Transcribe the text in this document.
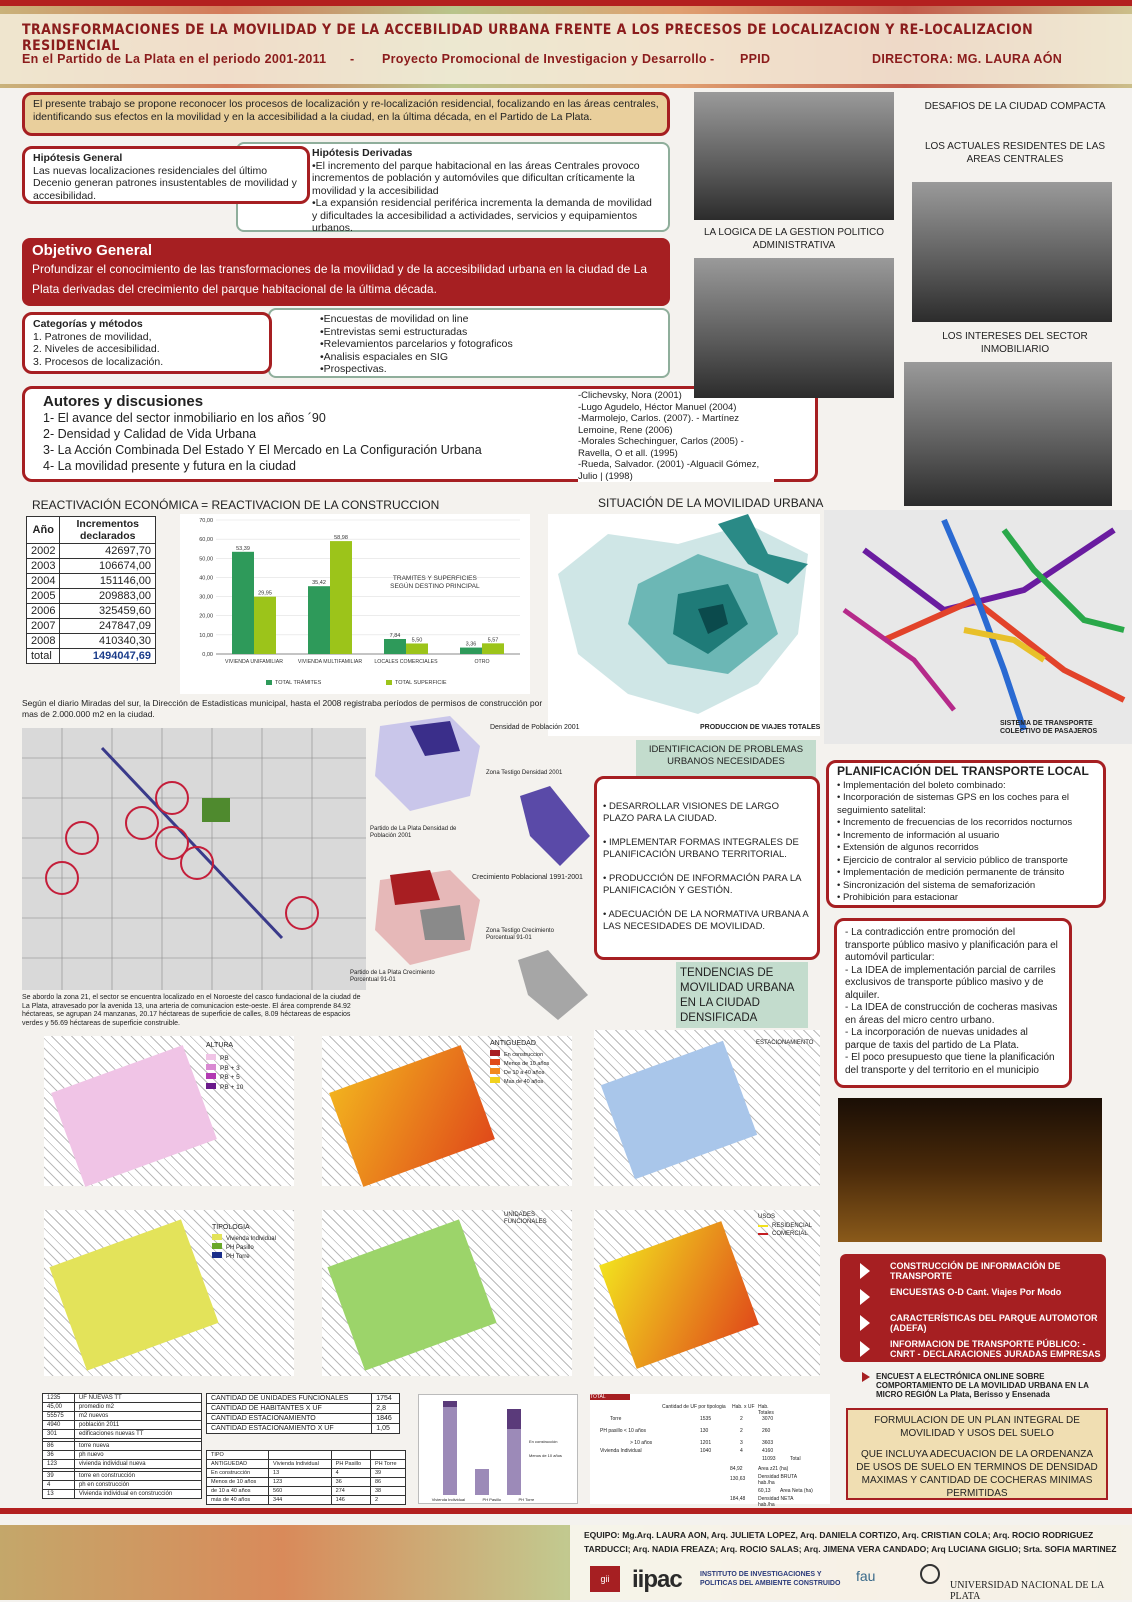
TRANSFORMACIONES DE LA MOVILIDAD Y DE LA ACCEBILIDAD URBANA FRENTE A LOS PRECESOS DE LOCALIZACION Y RE-LOCALIZACION RESIDENCIAL
En el Partido de La Plata en el periodo 2001-2011 - Proyecto Promocional de Investigacion y Desarrollo - PPID	DIRECTORA: MG. LAURA AÓN
El presente trabajo se propone reconocer los procesos de localización y re-localización residencial, focalizando en las áreas centrales, identificando sus efectos en la movilidad y en la accesibilidad a la ciudad, en la última década, en el Partido de La Plata.
Hipótesis Derivadas
•El incremento del parque habitacional en las áreas Centrales provoco incrementos de población y automóviles que dificultan críticamente la movilidad y la accesibilidad
•La expansión residencial periférica incrementa la demanda de movilidad y dificultades la accesibilidad a actividades, servicios y equipamientos urbanos.
Hipótesis General
Las nuevas localizaciones residenciales del último Decenio generan patrones insustentables de movilidad y accesibilidad.
Objetivo General
Profundizar el conocimiento de las transformaciones de la movilidad y de la accesibilidad urbana en la ciudad de La Plata derivadas del crecimiento del parque habitacional de la última década.
•Encuestas de movilidad on line
•Entrevistas semi estructuradas
•Relevamientos parcelarios y fotograficos
•Analisis espaciales en SIG
•Prospectivas.
Categorías y métodos
1. Patrones de movilidad,
2. Niveles de accesibilidad.
3. Procesos de localización.
Autores y discusiones
1- El avance del sector inmobiliario en los años ´90
2- Densidad y Calidad de Vida Urbana
3- La Acción Combinada Del Estado Y El Mercado en La Configuración Urbana
4- La movilidad presente y futura en la ciudad
-Clichevsky, Nora (2001)
-Lugo Agudelo, Héctor Manuel (2004)
-Marmolejo, Carlos. (2007). - Martínez Lemoine, Rene (2006)
-Morales Schechinguer, Carlos (2005) - Ravella, O et all. (1995)
-Rueda, Salvador. (2001) -Alguacil Gómez, Julio | (1998)
LA LOGICA DE LA GESTION POLITICO ADMINISTRATIVA
DESAFIOS DE LA CIUDAD COMPACTA
LOS ACTUALES RESIDENTES DE LAS AREAS CENTRALES
LOS INTERESES DEL SECTOR INMOBILIARIO
REACTIVACIÓN ECONÓMICA = REACTIVACION DE LA CONSTRUCCION
Año	Incrementos declarados
2002	42697,70
2003	106674,00
2004	151146,00
2005	209883,00
2006	325459,60
2007	247847,09
2008	410340,30
total	1494047,69	0,00
10,00
20,00
30,00
40,00
50,00
60,00
70,00
53,39
29,95
VIVIENDA UNIFAMILIAR
35,42
58,98
VIVIENDA MULTIFAMILIAR
7,84
5,50
LOCALES COMERCIALES
3,36
5,57
OTRO
TRAMITES Y SUPERFICIES
SEGÚN DESTINO PRINCIPAL
TOTAL TRÁMITES	TOTAL SUPERFICIE
Según el diario Miradas del sur, la Dirección de Estadisticas municipal, hasta el 2008 registraba períodos de permisos de construcción por mas de 2.000.000 m2 en la ciudad.
SITUACIÓN DE LA MOVILIDAD URBANA
PRODUCCION DE VIAJES TOTALES
SISTEMA DE TRANSPORTE COLECTIVO DE PASAJEROS
Se abordo la zona 21, el sector se encuentra localizado en el Noroeste del casco fundacional de la ciudad de La Plata, atravesado por la avenida 13, una arteria de comunicacion este-oeste. El área comprende 84.92 héctareas, se agrupan 24 manzanas, 20.17 héctareas de superficie de calles, 8.09 héctareas de espacios verdes y 56.69 héctareas de superficie construible.
Densidad de Población 2001
Partido de La Plata Densidad de Población 2001
Zona Testigo Densidad 2001
Crecimiento Poblacional 1991-2001
Partido de La Plata Crecimiento Porcentual 91-01
Zona Testigo Crecimiento Porcentual 91-01
IDENTIFICACION DE PROBLEMAS URBANOS NECESIDADES
• DESARROLLAR VISIONES DE LARGO PLAZO PARA LA CIUDAD.
• IMPLEMENTAR FORMAS INTEGRALES DE PLANIFICACIÓN URBANO TERRITORIAL.
• PRODUCCIÓN DE INFORMACIÓN PARA LA PLANIFICACIÓN Y GESTIÓN.
• ADECUACIÓN DE LA NORMATIVA URBANA A LAS NECESIDADES DE MOVILIDAD.
PLANIFICACIÓN DEL TRANSPORTE LOCAL
• Implementación del boleto combinado:
• Incorporación de sistemas GPS en los coches para el seguimiento satelital:
• Incremento de frecuencias de los recorridos nocturnos
• Incremento de información al usuario
• Extensión de algunos recorridos
• Ejercicio de contralor al servicio público de transporte
• Implementación de medición permanente de tránsito
• Sincronización del sistema de semaforización
• Prohibición para estacionar
TENDENCIAS DE MOVILIDAD URBANA EN LA CIUDAD DENSIFICADA
- La contradicción entre promoción del transporte público masivo y planificación para el automóvil particular:
- La IDEA de implementación parcial de carriles exclusivos de transporte público masivo y de alquiler.
- La IDEA de construcción de cocheras masivas en áreas del micro centro urbano.
- La incorporación de nuevas unidades al parque de taxis del partido de La Plata.
- El poco presupuesto que tiene la planificación del transporte y del territorio en el municipio
ALTURA
PB
PB + 3
PB + 5
PB + 10
ANTIGUEDAD
En construccion
Menos de 10 años
De 10 a 40 años
Mas de 40 años
ESTACIONAMIENTO
TIPOLOGIA
Vivienda Individual
PH Pasillo
PH Torre
UNIDADES FUNCIONALES
USOS
RESIDENCIAL
COMERCIAL
CONSTRUCCIÓN DE INFORMACIÓN DE TRANSPORTE
ENCUESTAS O-D Cant. Viajes Por Modo
CARACTERÍSTICAS DEL PARQUE AUTOMOTOR (ADEFA)
INFORMACION DE TRANSPORTE PÚBLICO: - CNRT - DECLARACIONES JURADAS EMPRESAS
ENCUEST A ELECTRÓNICA ONLINE SOBRE COMPORTAMIENTO DE LA MOVILIDAD URBANA EN LA MICRO REGIÓN La Plata, Berisso y Ensenada
FORMULACION DE UN PLAN INTEGRAL DE MOVILIDAD Y USOS DEL SUELO
QUE INCLUYA ADECUACION DE LA ORDENANZA DE USOS DE SUELO EN TERMINOS DE DENSIDAD MAXIMAS Y CANTIDAD DE COCHERAS MINIMAS PERMITIDAS
1235	UF NUEVAS TT
45,00	promedio m2
55575	m2 nuevos
4940	población 2011
301	edificaciones nuevas TT

86	torre nueva
36	ph nuevo
123	vivienda individual nueva

39	torre en construcción
4	ph en construcción
13	Vivienda individual en construcción
CANTIDAD DE UNIDADES FUNCIONALES	1754
CANTIDAD DE HABITANTES X UF	2,8
CANTIDAD ESTACIONAMIENTO	1846
CANTIDAD ESTACIONAMIENTO X UF	1,05
TIPO			
ANTIGUEDAD	Vivienda Individual	PH Pasillo	PH Torre
En construcción	13	4	39
Menos de 10 años	123	36	86
de 10 a 40 años	560	274	38
más de 40 años	344	146	2	Vivienda Individual	PH Pasillo	PH Torre
En construcción
Menos de 10 años
TOTAL
Cantidad de UF por tipologia	Hab. x UF Hab. Totales
Torre	1535	2	3070
PH pasillo < 10 años	130	2	260
> 10 años	1201	3	3603
Vivienda Individual	1040	4	4160
11093	Total
84,92	Area z21 (ha)
130,63	Densidad BRUTA hab./ha
60,13 Area Neta (ha)
184,48	Densidad NETA hab./ha
EQUIPO: Mg.Arq. LAURA AON, Arq. JULIETA LOPEZ, Arq. DANIELA CORTIZO, Arq. CRISTIAN COLA; Arq. ROCIO RODRIGUEZ TARDUCCI; Arq. NADIA FREAZA; Arq. ROCIO SALAS; Arq. JIMENA VERA CANDADO; Arq LUCIANA GIGLIO; Srta. SOFIA MARTINEZ
gii iipac	INSTITUTO DE INVESTIGACIONES Y POLITICAS DEL AMBIENTE CONSTRUIDO	fau
UNIVERSIDAD NACIONAL DE LA PLATA
